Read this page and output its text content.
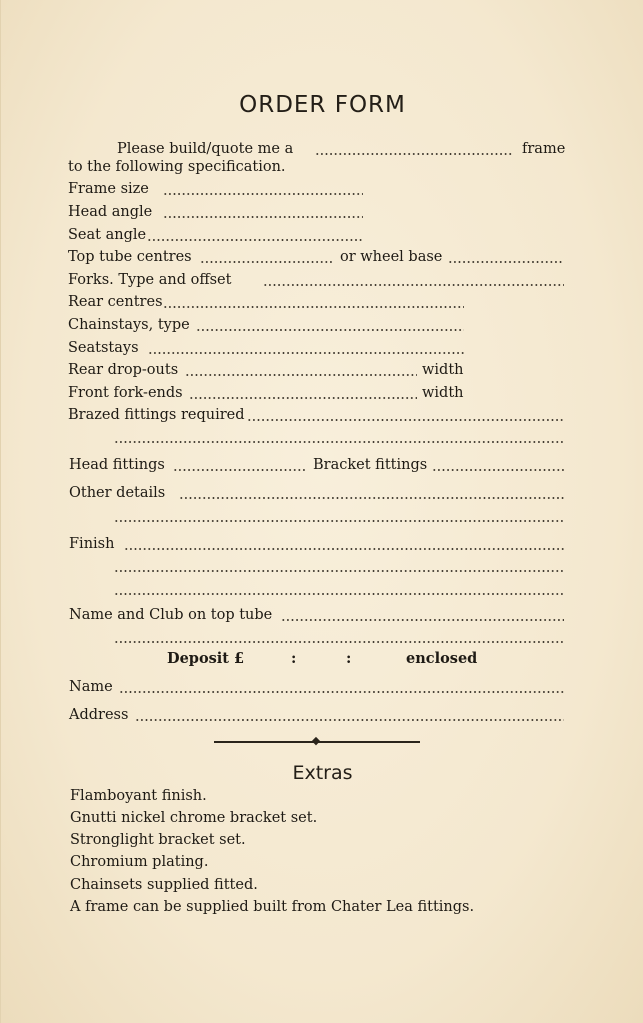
ORDER FORM
Please build/quote me a	frame
to the following specification.
Frame size
Head angle
Seat angle
Top tube centres	or wheel base
Forks. Type and offset
Rear centres
Chainstays, type
Seatstays
Rear drop-outs	width
Front fork-ends	width
Brazed fittings required
Head fittings	Bracket fittings
Other details
Finish
Name and Club on top tube
Deposit £	:	:	enclosed
Name
Address
◆
Extras
Flamboyant finish.
Gnutti nickel chrome bracket set.
Stronglight bracket set.
Chromium plating.
Chainsets supplied fitted.
A frame can be supplied built from Chater Lea fittings.
